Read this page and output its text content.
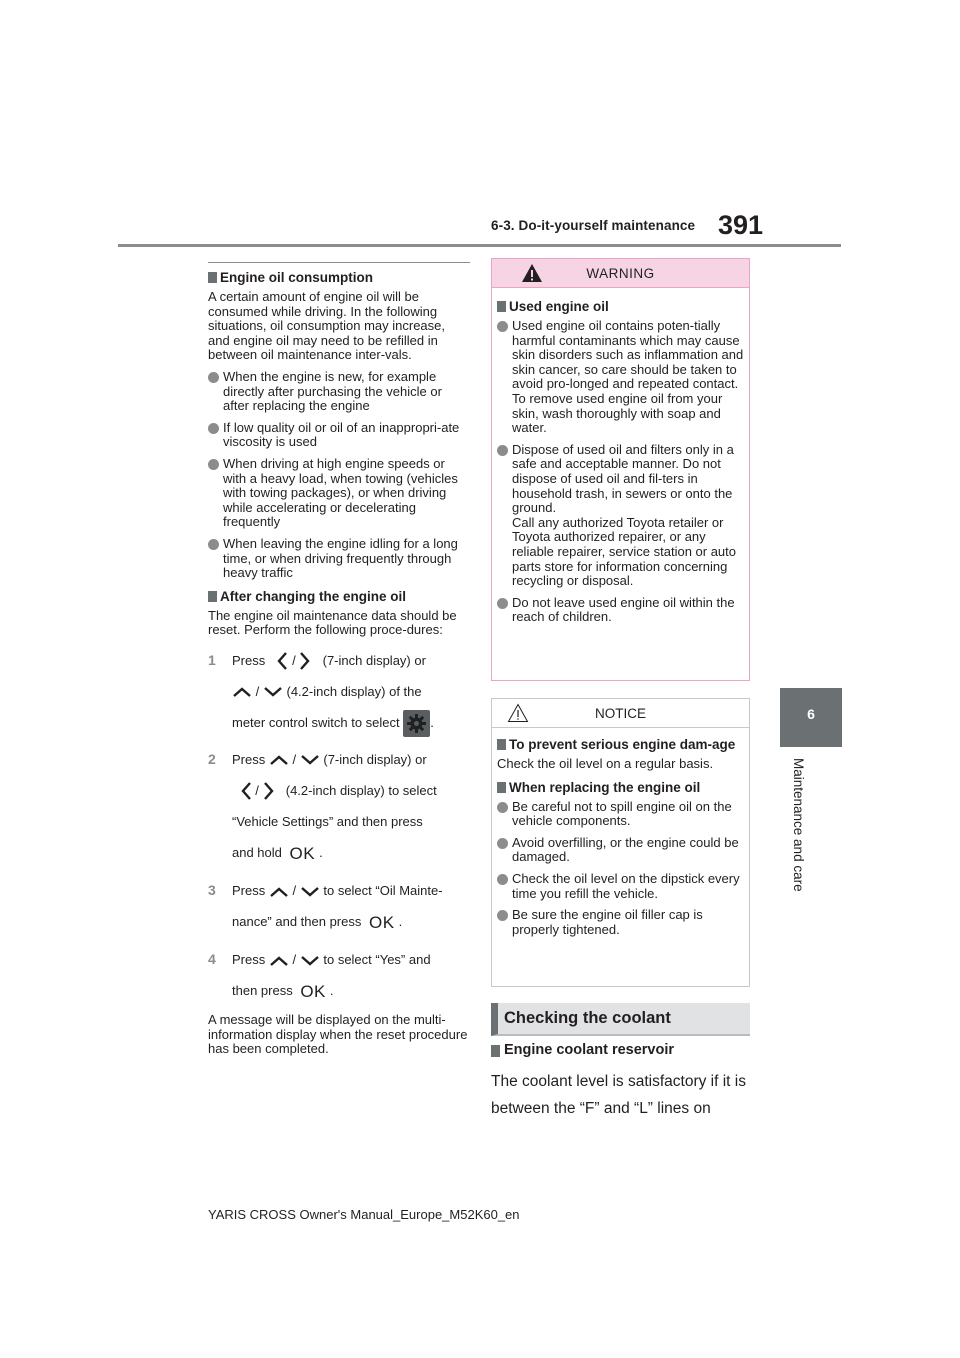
6-3. Do-it-yourself maintenance 391
6
Maintenance and care
Engine oil consumption
A certain amount of engine oil will be consumed while driving. In the following situations, oil consumption may increase, and engine oil may need to be refilled in between oil maintenance inter-vals.
When the engine is new, for example directly after purchasing the vehicle or after replacing the engine
If low quality oil or oil of an inappropri-ate viscosity is used
When driving at high engine speeds or with a heavy load, when towing (vehicles with towing packages), or when driving while accelerating or decelerating frequently
When leaving the engine idling for a long time, or when driving frequently through heavy traffic
After changing the engine oil
The engine oil maintenance data should be reset. Perform the following proce-dures:
1 Press / (7-inch display) or
/ (4.2-inch display) of the
meter control switch to select .
2 Press / (7-inch display) or

/ (4.2-inch display) to select
“Vehicle Settings” and then press
and hold OK .
3 Press / to select “Oil Mainte-
nance” and then press OK .
4 Press / to select “Yes” and
then press OK .
A message will be displayed on the multi-information display when the reset procedure has been completed.
WARNING
Used engine oil
Used engine oil contains poten-tially harmful contaminants which may cause skin disorders such as inflammation and skin cancer, so care should be taken to avoid pro-longed and repeated contact. To remove used engine oil from your skin, wash thoroughly with soap and water.
Dispose of used oil and filters only in a safe and acceptable manner. Do not dispose of used oil and fil-ters in household trash, in sewers or onto the ground.
Call any authorized Toyota retailer or Toyota authorized repairer, or any reliable repairer, service station or auto parts store for information concerning recycling or disposal.
Do not leave used engine oil within the reach of children.
NOTICE
To prevent serious engine dam-age
Check the oil level on a regular basis.
When replacing the engine oil
Be careful not to spill engine oil on the vehicle components.
Avoid overfilling, or the engine could be damaged.
Check the oil level on the dipstick every time you refill the vehicle.
Be sure the engine oil filler cap is properly tightened.
Checking the coolant
Engine coolant reservoir
The coolant level is satisfactory if it is between the “F” and “L” lines on
YARIS CROSS Owner's Manual_Europe_M52K60_en
